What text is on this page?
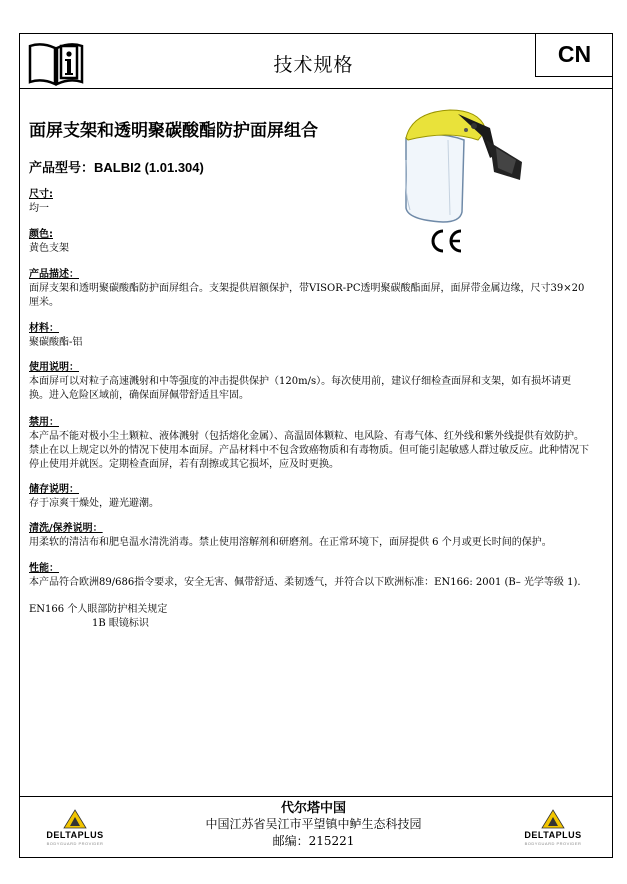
CN
技术规格
面屏支架和透明聚碳酸酯防护面屏组合
产品型号：BALBI2 (1.01.304)
尺寸:
均一
颜色:
黄色支架
产品描述：
面屏支架和透明聚碳酸酯防护面屏组合。支架提供眉额保护，带VISOR-PC透明聚碳酸酯面屏，面屏带金属边缘，尺寸39×20厘米。
材料：
聚碳酸酯-铝
使用说明：
本面屏可以对粒子高速溅射和中等强度的冲击提供保护（120m/s）。每次使用前，建议仔细检查面屏和支架，如有损坏请更换。进入危险区域前，确保面屏佩带舒适且牢固。
禁用：
本产品不能对极小尘土颗粒、液体溅射（包括熔化金属）、高温固体颗粒、电风险、有毒气体、红外线和紫外线提供有效防护。禁止在以上规定以外的情况下使用本面屏。产品材料中不包含致癌物质和有毒物质。但可能引起敏感人群过敏反应。此种情况下停止使用并就医。定期检查面屏，若有刮擦或其它损坏，应及时更换。
储存说明：
存于凉爽干燥处，避光避潮。
清洗/保养说明：
用柔软的清洁布和肥皂温水清洗消毒。禁止使用溶解剂和研磨剂。在正常环境下，面屏提供 6 个月或更长时间的保护。
性能：
本产品符合欧洲89/686指令要求，安全无害、佩带舒适、柔韧透气，并符合以下欧洲标准：EN166: 2001 (B– 光学等级 1).
EN166 个人眼部防护相关规定
1B 眼镜标识
代尔塔中国
中国江苏省吴江市平望镇中鲈生态科技园
邮编：215221
DELTAPLUS
BODYGUARD PROVIDER
DELTAPLUS
BODYGUARD PROVIDER
